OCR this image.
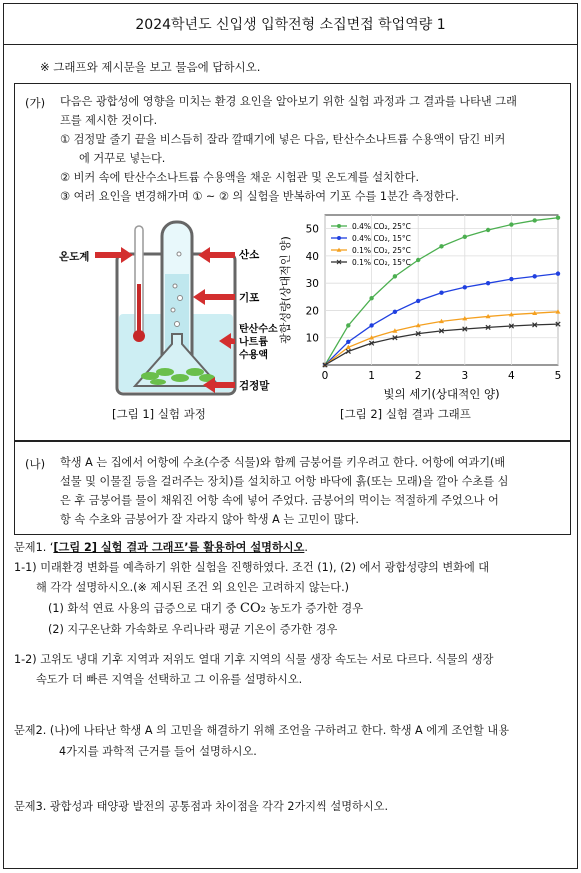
2024학년도 신입생 입학전형 소집면접 학업역량 1
※ 그래프와 제시문을 보고 물음에 답하시오.
(가) 다음은 광합성에 영향을 미치는 환경 요인을 알아보기 위한 실험 과정과 그 결과를 나타낸 그래
프를 제시한 것이다.
① 검정말 줄기 끝을 비스듬히 잘라 깔때기에 넣은 다음, 탄산수소나트륨 수용액이 담긴 비커
에 거꾸로 넣는다.
② 비커 속에 탄산수소나트륨 수용액을 채운 시험관 및 온도계를 설치한다.
③ 여러 요인을 변경해가며 ① ~ ② 의 실험을 반복하여 기포 수를 1분간 측정한다.
온도계	산소
기포
탄산수소
나트륨
수용액
검정말
0	1	2	3	4	5
10
20
30
40
50
빛의 세기(상대적인 양)
광합성량(상대적인 양)
0.4% CO₂, 25°C
0.4% CO₂, 15°C
0.1% CO₂, 25°C
0.1% CO₂, 15°C
[그림 1] 실험 과정	[그림 2] 실험 결과 그래프
(나) 학생 A 는 집에서 어항에 수초(수중 식물)와 함께 금붕어를 키우려고 한다. 어항에 여과기(배
설물 및 이물질 등을 걸러주는 장치)를 설치하고 어항 바닥에 흙(또는 모래)을 깔아 수초를 심
은 후 금붕어를 물이 채워진 어항 속에 넣어 주었다. 금붕어의 먹이는 적절하게 주었으나 어
항 속 수초와 금붕어가 잘 자라지 않아 학생 A 는 고민이 많다.
문제1. ‘[그림 2] 실험 결과 그래프’를 활용하여 설명하시오.
1-1) 미래환경 변화를 예측하기 위한 실험을 진행하였다. 조건 (1), (2) 에서 광합성량의 변화에 대
해 각각 설명하시오.(※ 제시된 조건 외 요인은 고려하지 않는다.)
(1) 화석 연료 사용의 급증으로 대기 중 CO₂ 농도가 증가한 경우
(2) 지구온난화 가속화로 우리나라 평균 기온이 증가한 경우
1-2) 고위도 냉대 기후 지역과 저위도 열대 기후 지역의 식물 생장 속도는 서로 다르다. 식물의 생장
속도가 더 빠른 지역을 선택하고 그 이유를 설명하시오.
문제2. (나)에 나타난 학생 A 의 고민을 해결하기 위해 조언을 구하려고 한다. 학생 A 에게 조언할 내용
4가지를 과학적 근거를 들어 설명하시오.
문제3. 광합성과 태양광 발전의 공통점과 차이점을 각각 2가지씩 설명하시오.
